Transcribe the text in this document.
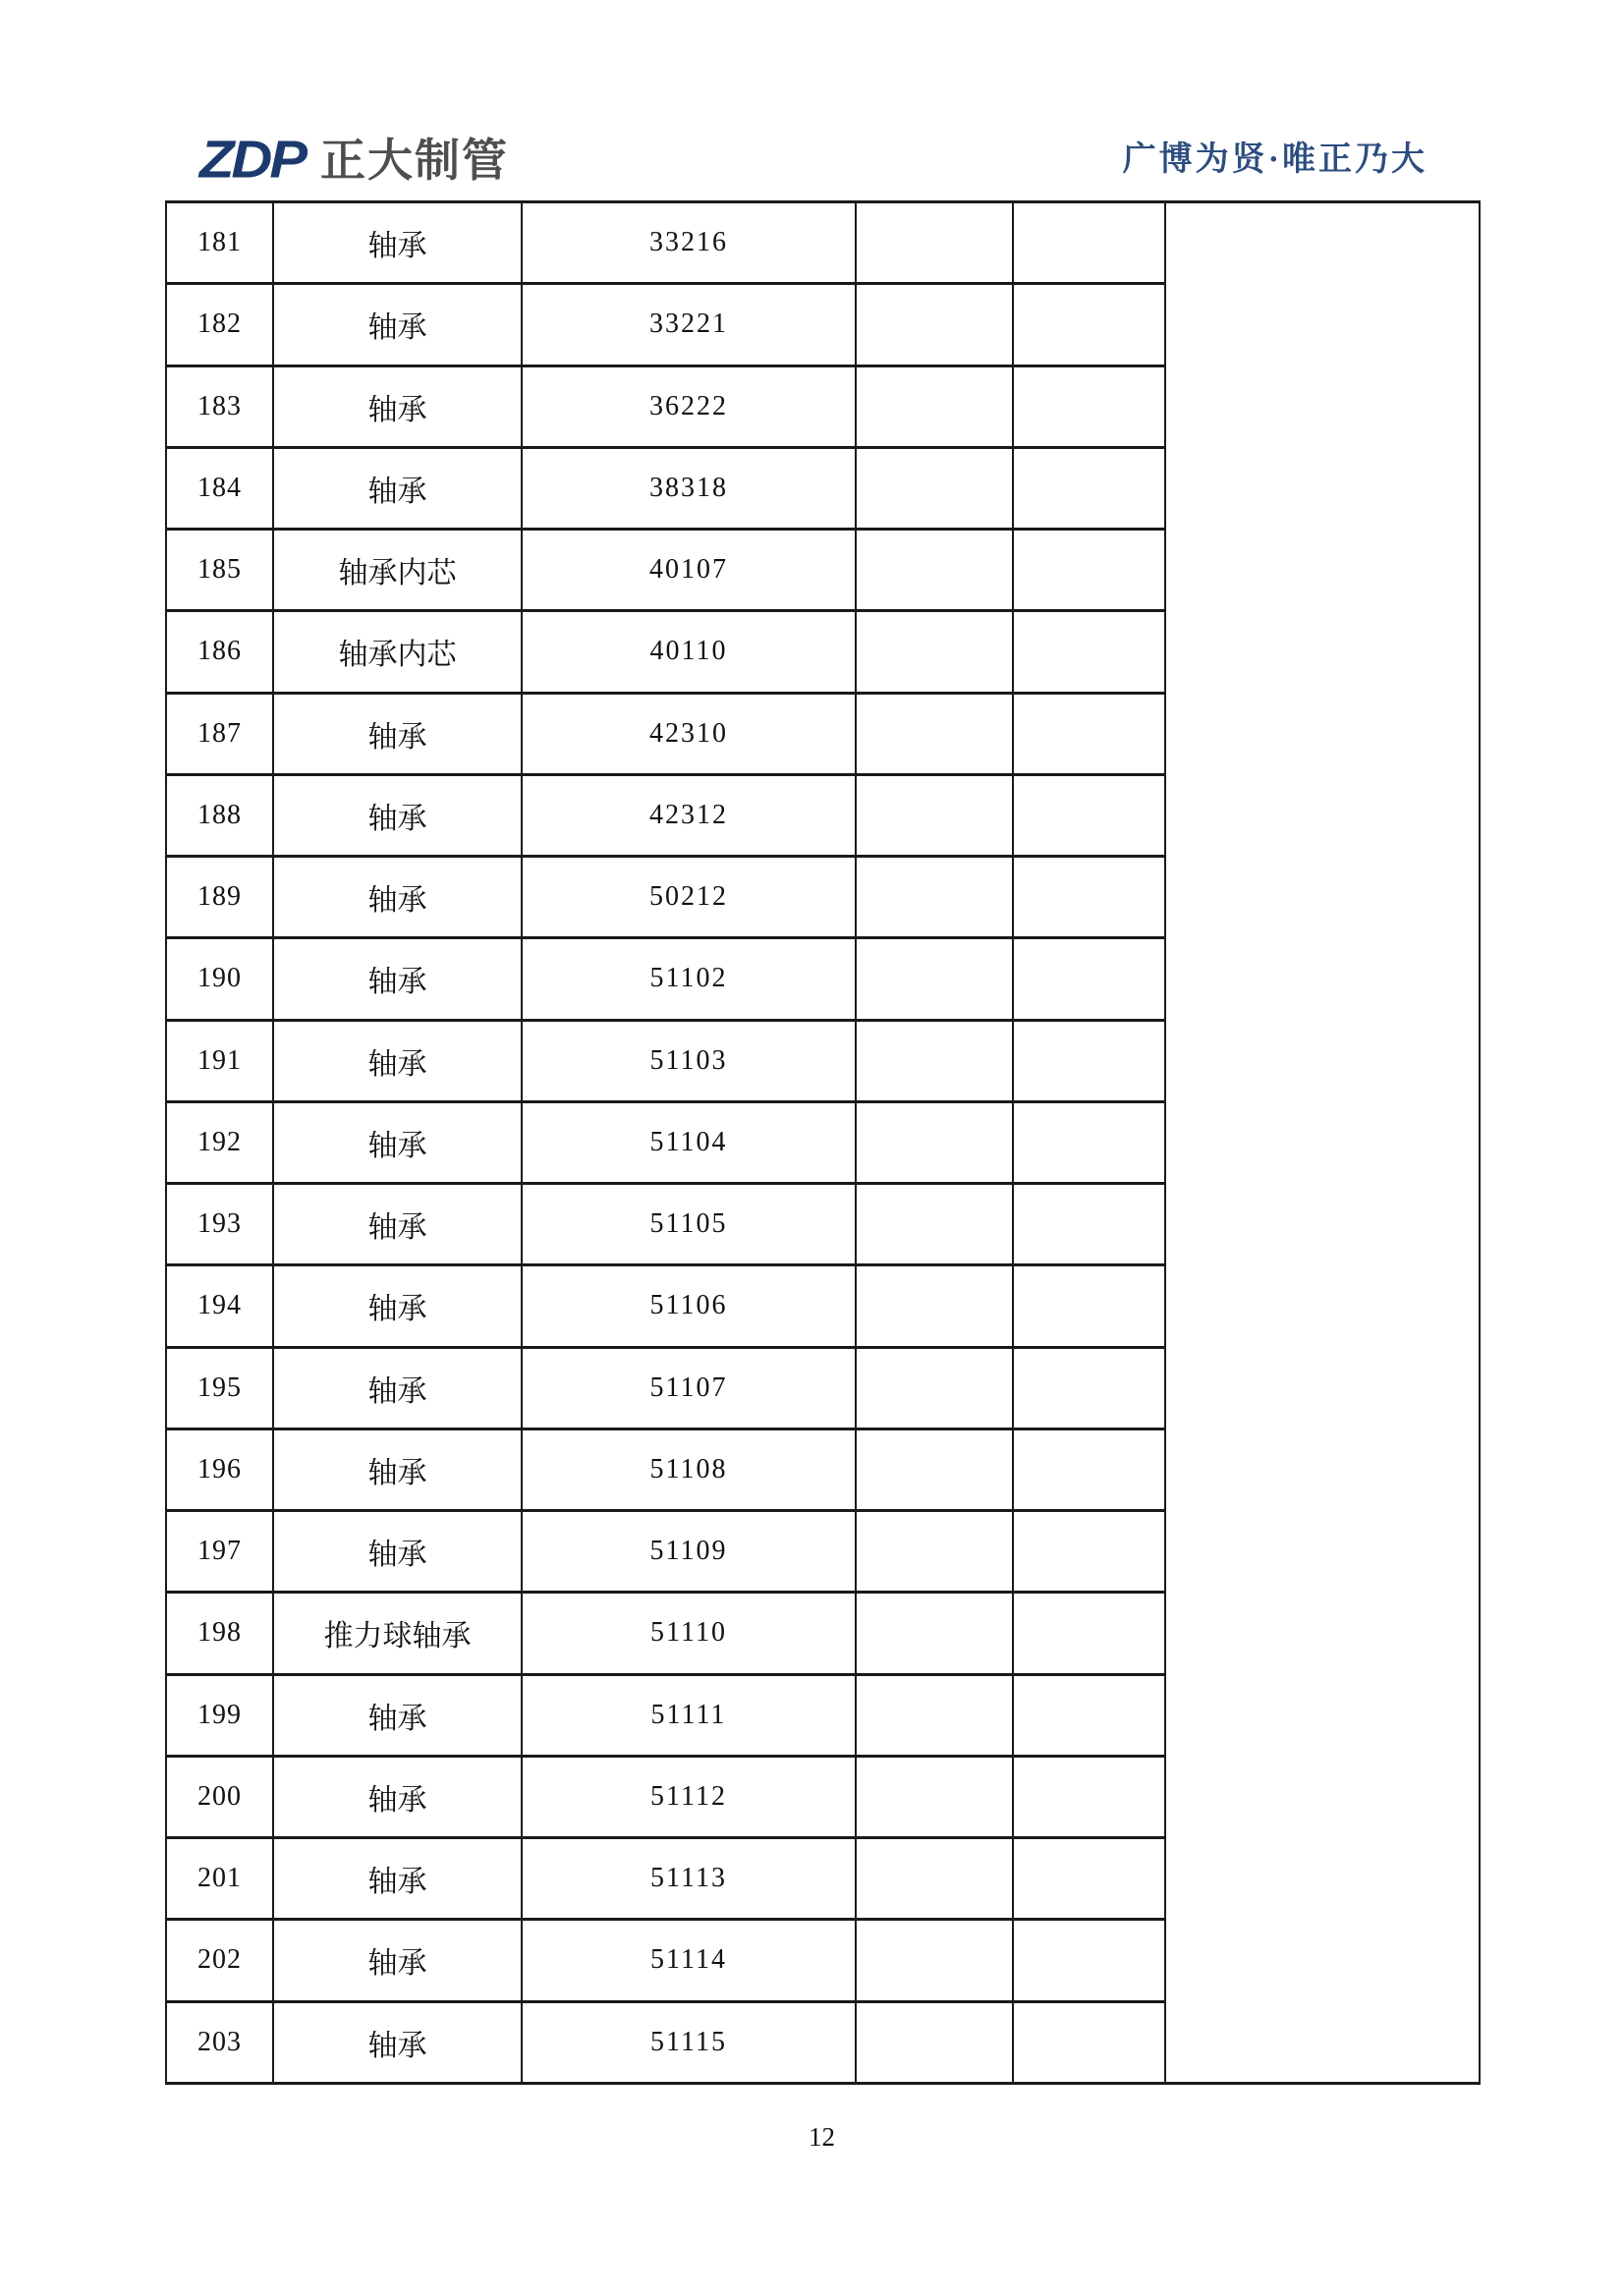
ZDP 正大制管	广博为贤·唯正乃大
181	轴承	33216			
182	轴承	33221			
183	轴承	36222			
184	轴承	38318			
185	轴承内芯	40107			
186	轴承内芯	40110			
187	轴承	42310			
188	轴承	42312			
189	轴承	50212			
190	轴承	51102			
191	轴承	51103			
192	轴承	51104			
193	轴承	51105			
194	轴承	51106			
195	轴承	51107			
196	轴承	51108			
197	轴承	51109			
198	推力球轴承	51110			
199	轴承	51111			
200	轴承	51112			
201	轴承	51113			
202	轴承	51114			
203	轴承	51115			
12
